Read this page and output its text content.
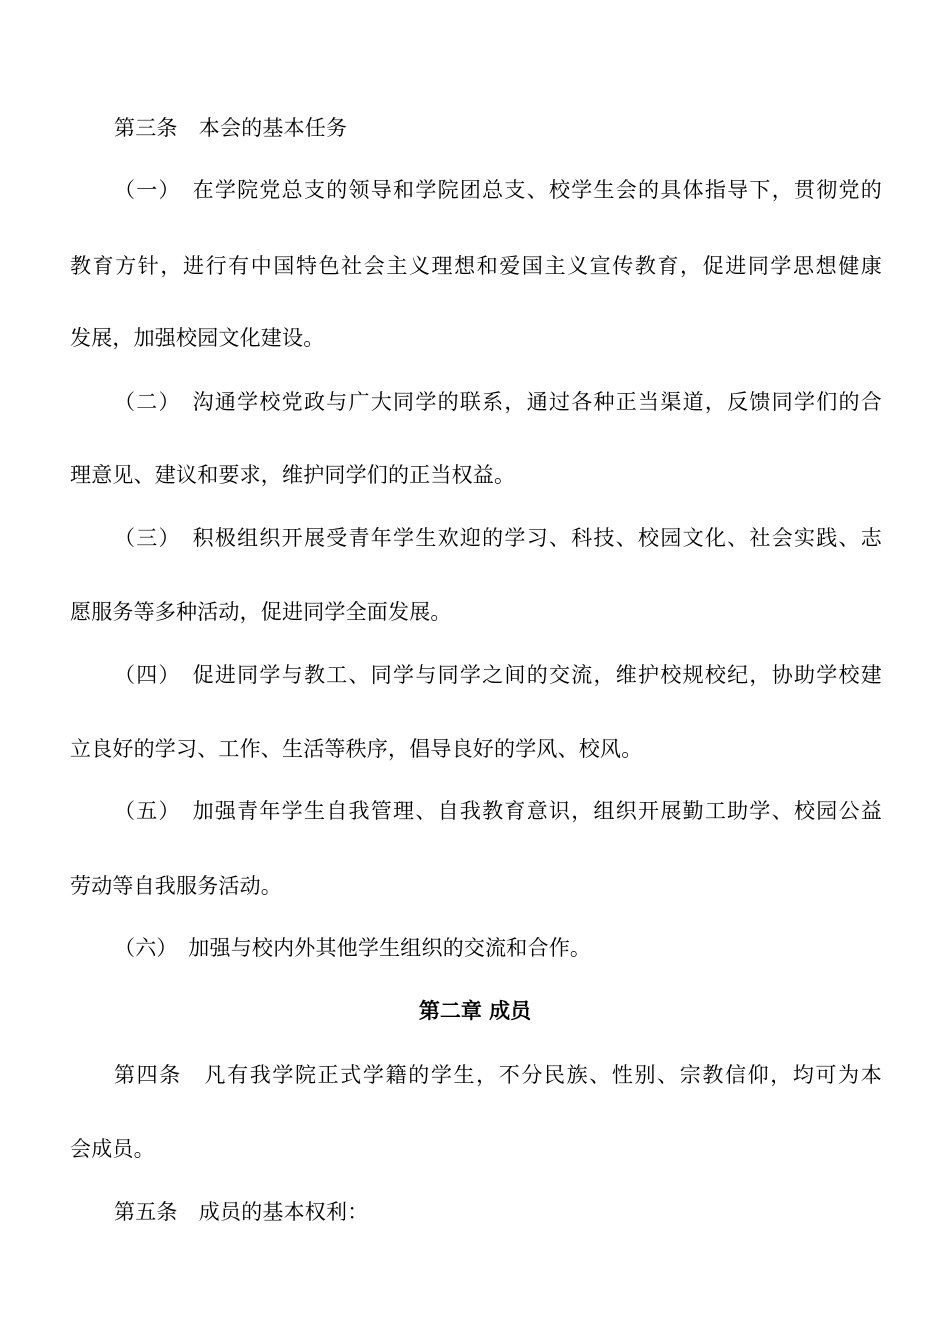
第三条　本会的基本任务
（一）　在学院党总支的领导和学院团总支、校学生会的具体指导下，贯彻党的
教育方针，进行有中国特色社会主义理想和爱国主义宣传教育，促进同学思想健康
发展，加强校园文化建设。
（二）　沟通学校党政与广大同学的联系，通过各种正当渠道，反馈同学们的合
理意见、建议和要求，维护同学们的正当权益。
（三）　积极组织开展受青年学生欢迎的学习、科技、校园文化、社会实践、志
愿服务等多种活动，促进同学全面发展。
（四）　促进同学与教工、同学与同学之间的交流，维护校规校纪，协助学校建
立良好的学习、工作、生活等秩序，倡导良好的学风、校风。
（五）　加强青年学生自我管理、自我教育意识，组织开展勤工助学、校园公益
劳动等自我服务活动。
（六）　加强与校内外其他学生组织的交流和合作。
第二章 成员
第四条　凡有我学院正式学籍的学生，不分民族、性别、宗教信仰，均可为本
会成员。
第五条　成员的基本权利：
